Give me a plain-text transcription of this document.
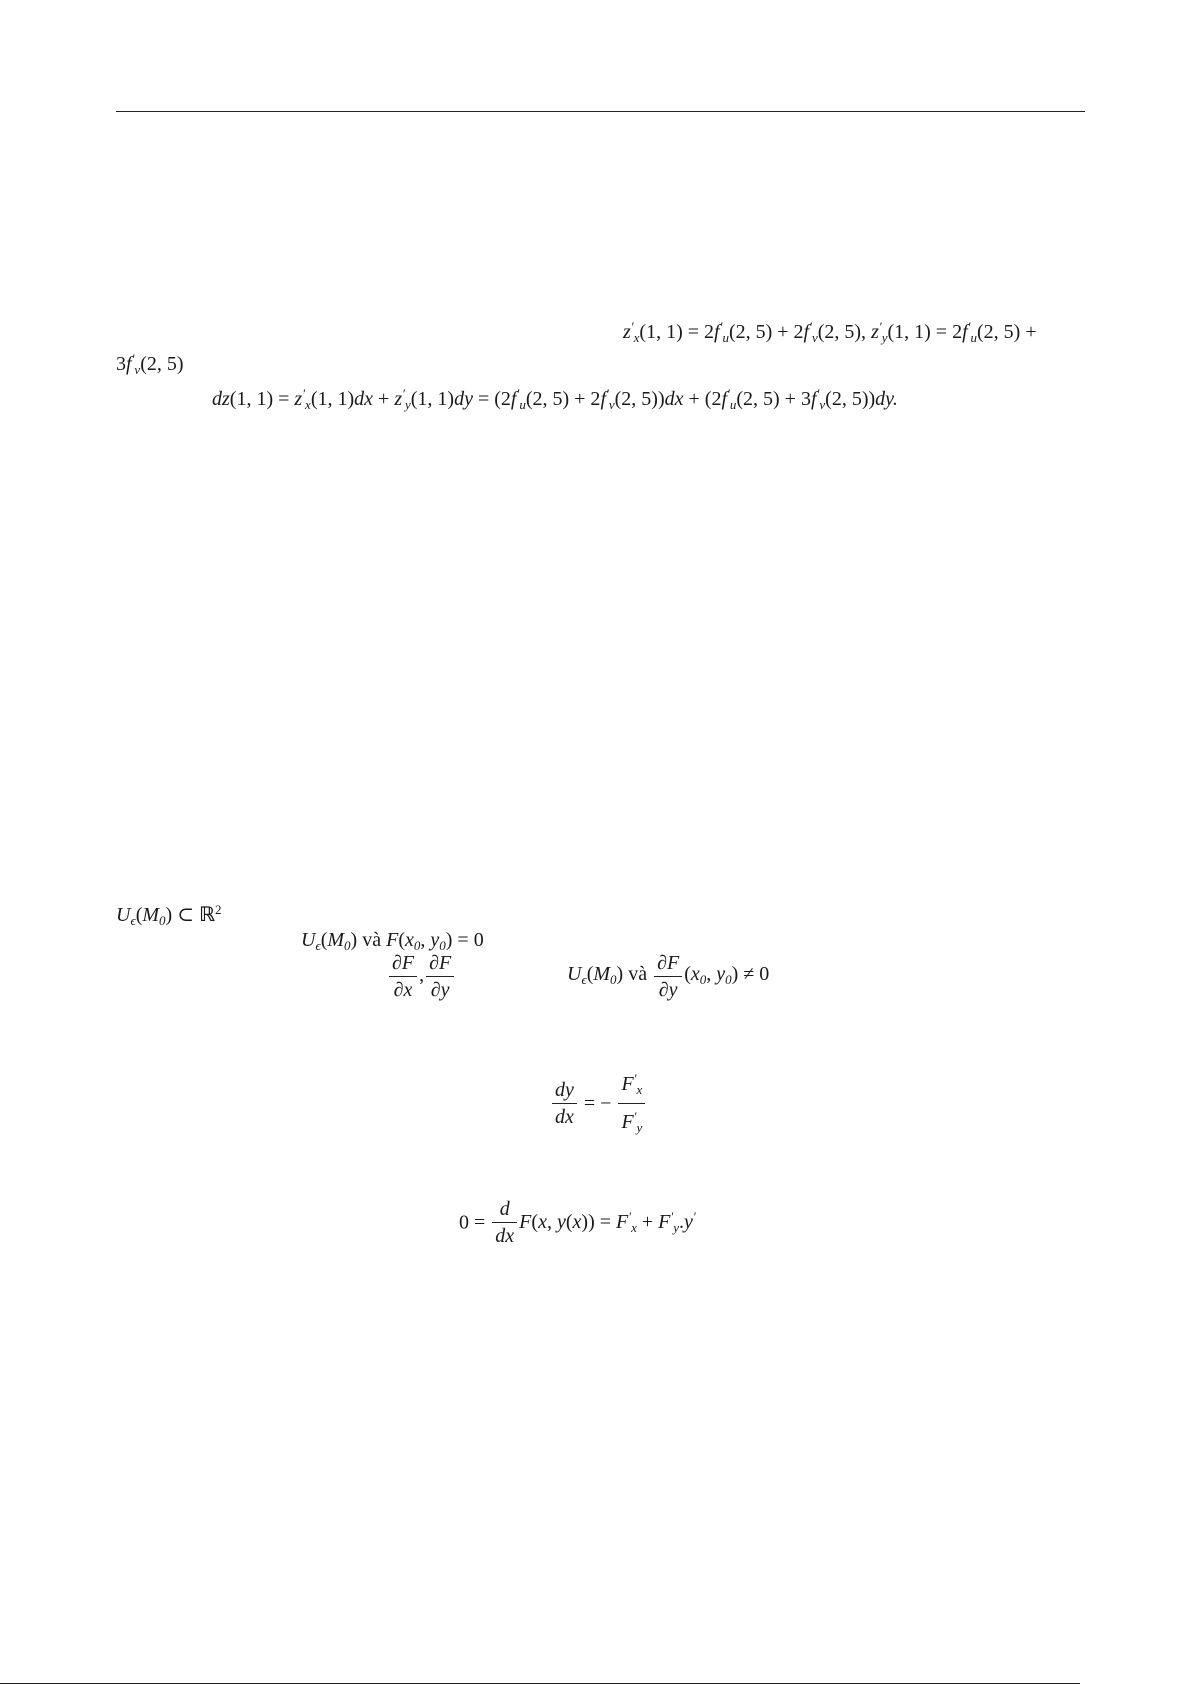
$z'_x(1$, $1) = 2f'_u(2$, $5) + 2f'_v(2$, 5), $z'_y(1$, $1) = 2f'_u(2$, 5) +
$3f'_v(2$, 5)
dz(1, $1) = z'_x(1$, $1)dx + z'_y(1$, $1)dy = (2f'_u(2$, $5) + 2f'_v(2$, $5))dx + (2f'_u(2$, $5) + 3f'_v(2$, 5))dy.
$U_\epsilon(M_0)$ ⊂ ℝ$^2$
$U_\epsilon(M_0)$ và $F(x_0$, $y_0) = 0$
$\frac{\partial F}{\partial x}$ , $\frac{\partial F}{\partial y}$	$U_\epsilon(M_0)$ và $\frac{\partial F}{\partial y} (x_0$, $y_0) \ne 0$
$\frac{dy}{dx}$ = − $\frac{F'_x}{F'_y}$
$0 = \frac{d}{dx} F(x$, $y(x)) = F'_x + F'_y.y'$
